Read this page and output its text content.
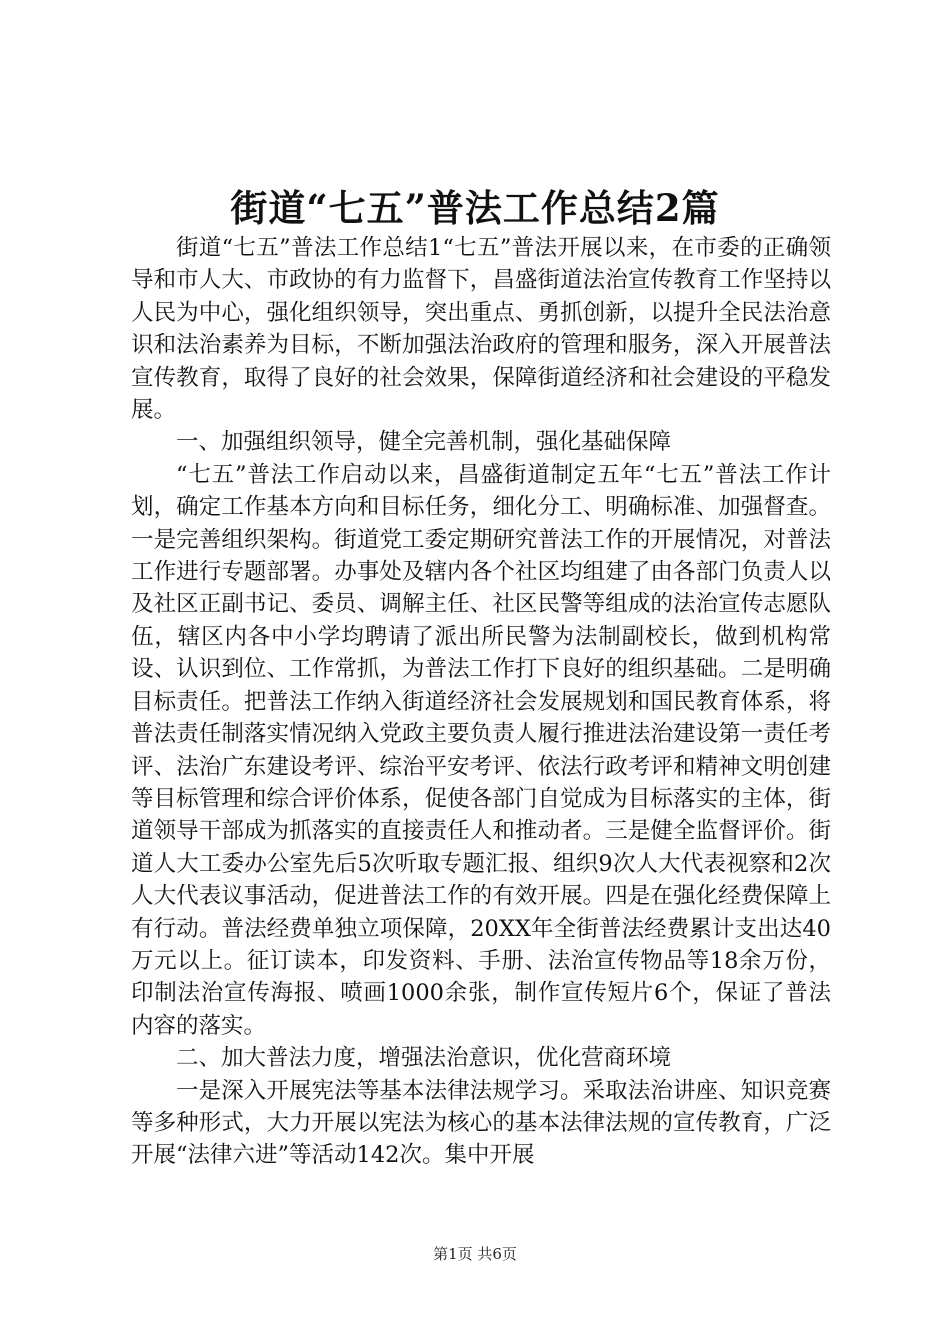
街道“七五”普法工作总结2篇

街道“七五”普法工作总结1“七五”普法开展以来，在市委的正确领导和市人大、市政协的有力监督下，昌盛街道法治宣传教育工作坚持以人民为中心，强化组织领导，突出重点、勇抓创新，以提升全民法治意识和法治素养为目标，不断加强法治政府的管理和服务，深入开展普法宣传教育，取得了良好的社会效果，保障街道经济和社会建设的平稳发展。

一、加强组织领导，健全完善机制，强化基础保障

“七五”普法工作启动以来，昌盛街道制定五年“七五”普法工作计划，确定工作基本方向和目标任务，细化分工、明确标准、加强督查。一是完善组织架构。街道党工委定期研究普法工作的开展情况，对普法工作进行专题部署。办事处及辖内各个社区均组建了由各部门负责人以及社区正副书记、委员、调解主任、社区民警等组成的法治宣传志愿队伍，辖区内各中小学均聘请了派出所民警为法制副校长，做到机构常设、认识到位、工作常抓，为普法工作打下良好的组织基础。二是明确目标责任。把普法工作纳入街道经济社会发展规划和国民教育体系，将普法责任制落实情况纳入党政主要负责人履行推进法治建设第一责任考评、法治广东建设考评、综治平安考评、依法行政考评和精神文明创建等目标管理和综合评价体系，促使各部门自觉成为目标落实的主体，街道领导干部成为抓落实的直接责任人和推动者。三是健全监督评价。街道人大工委办公室先后5次听取专题汇报、组织9次人大代表视察和2次人大代表议事活动，促进普法工作的有效开展。四是在强化经费保障上有行动。普法经费单独立项保障，20XX年全街普法经费累计支出达40万元以上。征订读本，印发资料、手册、法治宣传物品等18余万份，印制法治宣传海报、喷画1000余张，制作宣传短片6个，保证了普法内容的落实。

二、加大普法力度，增强法治意识，优化营商环境

一是深入开展宪法等基本法律法规学习。采取法治讲座、知识竞赛等多种形式，大力开展以宪法为核心的基本法律法规的宣传教育，广泛开展“法律六进”等活动142次。集中开展

第1页 共6页
